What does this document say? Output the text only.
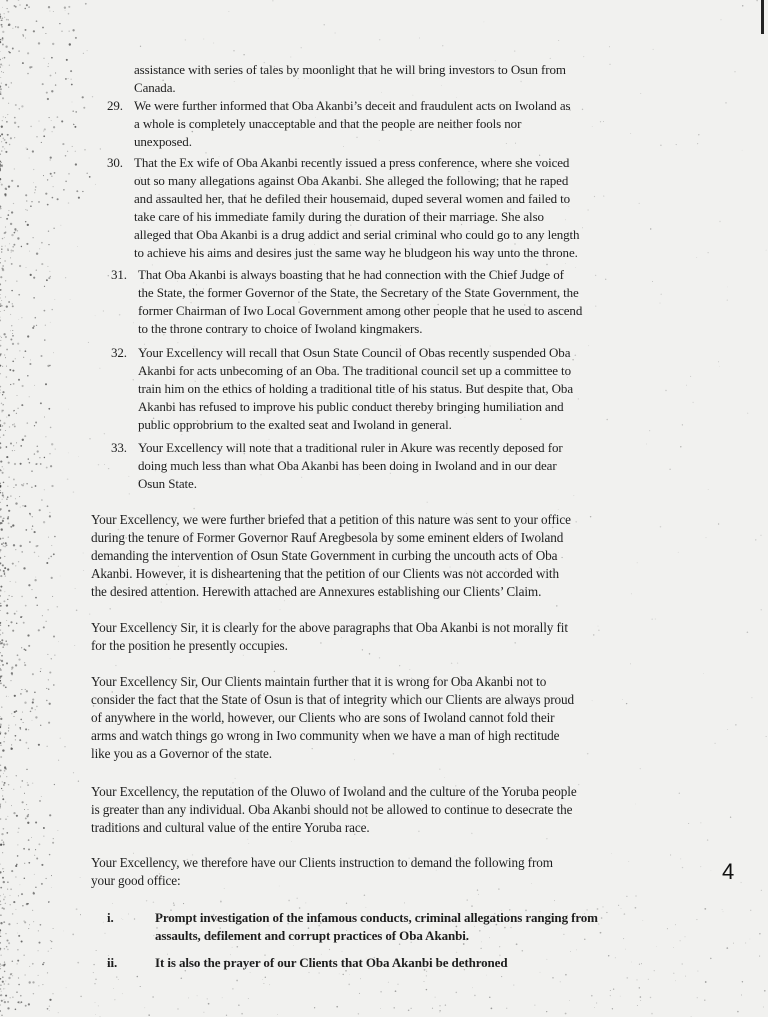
assistance with series of tales by moonlight that he will bring investors to Osun from
Canada.
29. We were further informed that Oba Akanbi’s deceit and fraudulent acts on Iwoland as
a whole is completely unacceptable and that the people are neither fools nor
unexposed.
30. That the Ex wife of Oba Akanbi recently issued a press conference, where she voiced
out so many allegations against Oba Akanbi. She alleged the following; that he raped
and assaulted her, that he defiled their housemaid, duped several women and failed to
take care of his immediate family during the duration of their marriage. She also
alleged that Oba Akanbi is a drug addict and serial criminal who could go to any length
to achieve his aims and desires just the same way he bludgeon his way unto the throne.
31. That Oba Akanbi is always boasting that he had connection with the Chief Judge of
the State, the former Governor of the State, the Secretary of the State Government, the
former Chairman of Iwo Local Government among other people that he used to ascend
to the throne contrary to choice of Iwoland kingmakers.
32. Your Excellency will recall that Osun State Council of Obas recently suspended Oba
Akanbi for acts unbecoming of an Oba. The traditional council set up a committee to
train him on the ethics of holding a traditional title of his status. But despite that, Oba
Akanbi has refused to improve his public conduct thereby bringing humiliation and
public opprobrium to the exalted seat and Iwoland in general.
33. Your Excellency will note that a traditional ruler in Akure was recently deposed for
doing much less than what Oba Akanbi has been doing in Iwoland and in our dear
Osun State.
Your Excellency, we were further briefed that a petition of this nature was sent to your office
during the tenure of Former Governor Rauf Aregbesola by some eminent elders of Iwoland
demanding the intervention of Osun State Government in curbing the uncouth acts of Oba
Akanbi. However, it is disheartening that the petition of our Clients was not accorded with
the desired attention. Herewith attached are Annexures establishing our Clients’ Claim.
Your Excellency Sir, it is clearly for the above paragraphs that Oba Akanbi is not morally fit
for the position he presently occupies.
Your Excellency Sir, Our Clients maintain further that it is wrong for Oba Akanbi not to
consider the fact that the State of Osun is that of integrity which our Clients are always proud
of anywhere in the world, however, our Clients who are sons of Iwoland cannot fold their
arms and watch things go wrong in Iwo community when we have a man of high rectitude
like you as a Governor of the state.
Your Excellency, the reputation of the Oluwo of Iwoland and the culture of the Yoruba people
is greater than any individual. Oba Akanbi should not be allowed to continue to desecrate the
traditions and cultural value of the entire Yoruba race.
Your Excellency, we therefore have our Clients instruction to demand the following from
your good office:
i.	Prompt investigation of the infamous conducts, criminal allegations ranging from
assaults, defilement and corrupt practices of Oba Akanbi.
ii.	It is also the prayer of our Clients that Oba Akanbi be dethroned
4
